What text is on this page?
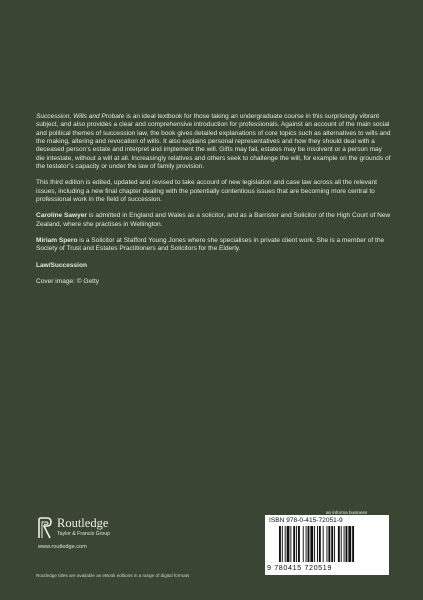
Succession, Wills and Probate is an ideal textbook for those taking an undergraduate course in this surprisingly vibrant subject, and also provides a clear and comprehensive introduction for professionals. Against an account of the main social and political themes of succession law, the book gives detailed explanations of core topics such as alternatives to wills and the making, altering and revocation of wills. It also explains personal representatives and how they should deal with a deceased person’s estate and interpret and implement the will. Gifts may fail, estates may be insolvent or a person may die intestate, without a will at all. Increasingly relatives and others seek to challenge the will, for example on the grounds of the testator’s capacity or under the law of family provision.

This third edition is edited, updated and revised to take account of new legislation and case law across all the relevant issues, including a new final chapter dealing with the potentially contentious issues that are becoming more central to professional work in the field of succession.

Caroline Sawyer is admitted in England and Wales as a solicitor, and as a Barrister and Solicitor of the High Court of New Zealand, where she practises in Wellington.

Miriam Spero is a Solicitor at Stafford Young Jones where she specialises in private client work. She is a member of the Society of Trust and Estates Practitioners and Solicitors for the Elderly.

Law/Succession

Cover image: © Getty

Routledge
Taylor & Francis Group
www.routledge.com
Routledge titles are available as eBook editions in a range of digital formats
an informa business
ISBN 978-0-415-72051-9
9 780415 720519
